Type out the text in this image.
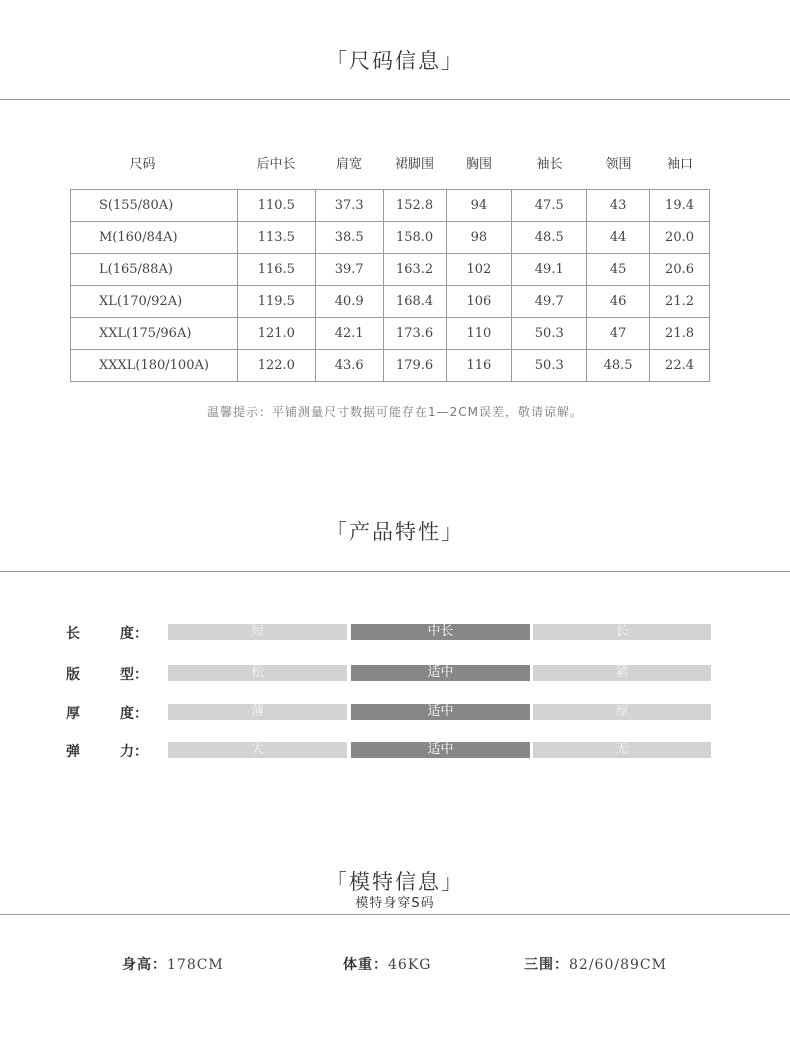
「尺码信息」
尺码	后中长	肩宽	裙脚围	胸围	袖长	领围	袖口
S(155/80A)	110.5	37.3	152.8	94	47.5	43	19.4
M(160/84A)	113.5	38.5	158.0	98	48.5	44	20.0
L(165/88A)	116.5	39.7	163.2	102	49.1	45	20.6
XL(170/92A)	119.5	40.9	168.4	106	49.7	46	21.2
XXL(175/96A)	121.0	42.1	173.6	110	50.3	47	21.8
XXXL(180/100A)	122.0	43.6	179.6	116	50.3	48.5	22.4
温馨提示：平铺测量尺寸数据可能存在1—2CM误差，敬请谅解。
「产品特性」
长	度：	短	中长	长
版	型：	松	适中	紧
厚	度：	薄	适中	厚
弹	力：	大	适中	无
「模特信息」
模特身穿S码
身高：178CM	体重：46KG	三围：82/60/89CM
